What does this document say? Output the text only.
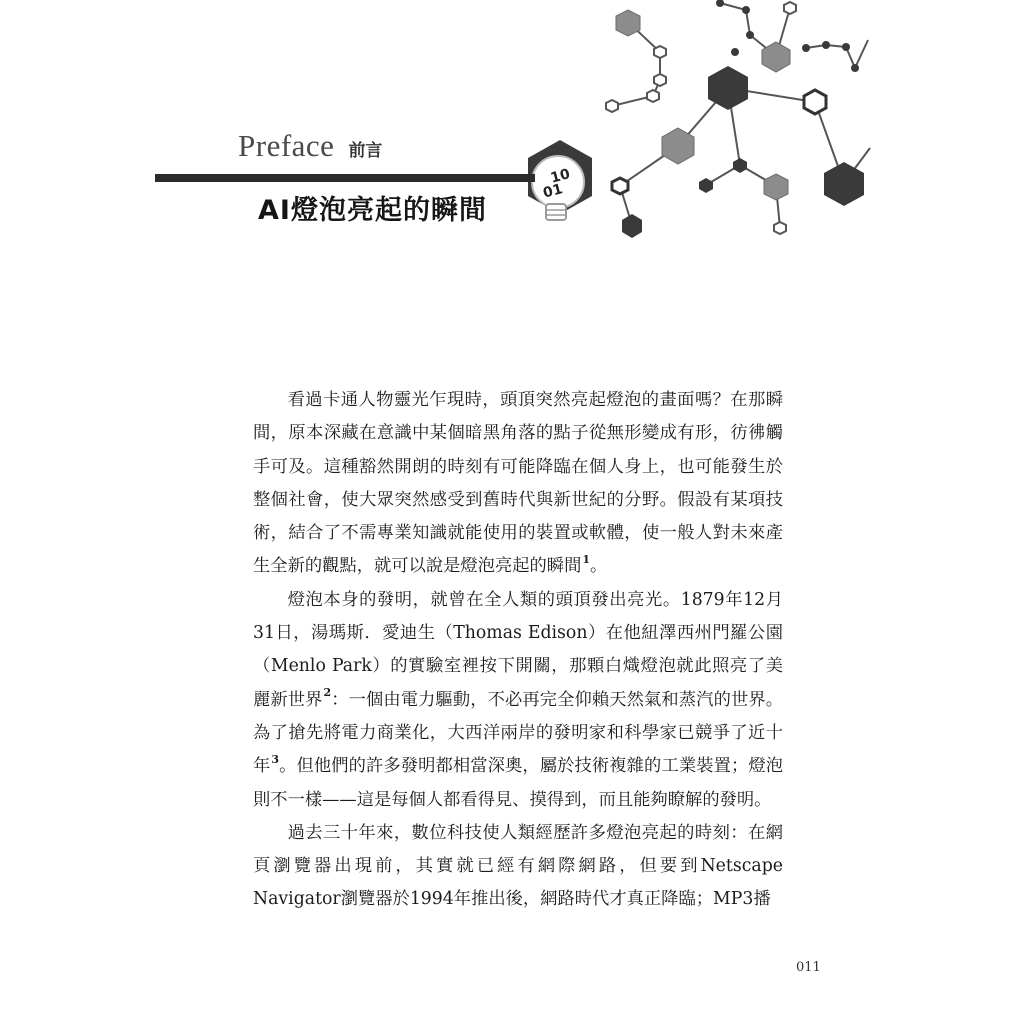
10
01
Preface 前言
AI燈泡亮起的瞬間

看過卡通人物靈光乍現時，頭頂突然亮起燈泡的畫面嗎？在那瞬間，原本深藏在意識中某個暗黑角落的點子從無形變成有形，彷彿觸手可及。這種豁然開朗的時刻有可能降臨在個人身上，也可能發生於整個社會，使大眾突然感受到舊時代與新世紀的分野。假設有某項技術，結合了不需專業知識就能使用的裝置或軟體，使一般人對未來產生全新的觀點，就可以說是燈泡亮起的瞬間$^1$。

燈泡本身的發明，就曾在全人類的頭頂發出亮光。1879年12月31日，湯瑪斯．愛迪生（Thomas Edison）在他紐澤西州門羅公園（Menlo Park）的實驗室裡按下開關，那顆白熾燈泡就此照亮了美麗新世界$^2$：一個由電力驅動，不必再完全仰賴天然氣和蒸汽的世界。為了搶先將電力商業化，大西洋兩岸的發明家和科學家已競爭了近十年$^3$。但他們的許多發明都相當深奧，屬於技術複雜的工業裝置；燈泡則不一樣——這是每個人都看得見、摸得到，而且能夠瞭解的發明。

過去三十年來，數位科技使人類經歷許多燈泡亮起的時刻：在網頁瀏覽器出現前，其實就已經有網際網路，但要到Netscape Navigator瀏覽器於1994年推出後，網路時代才真正降臨；MP3播

011
